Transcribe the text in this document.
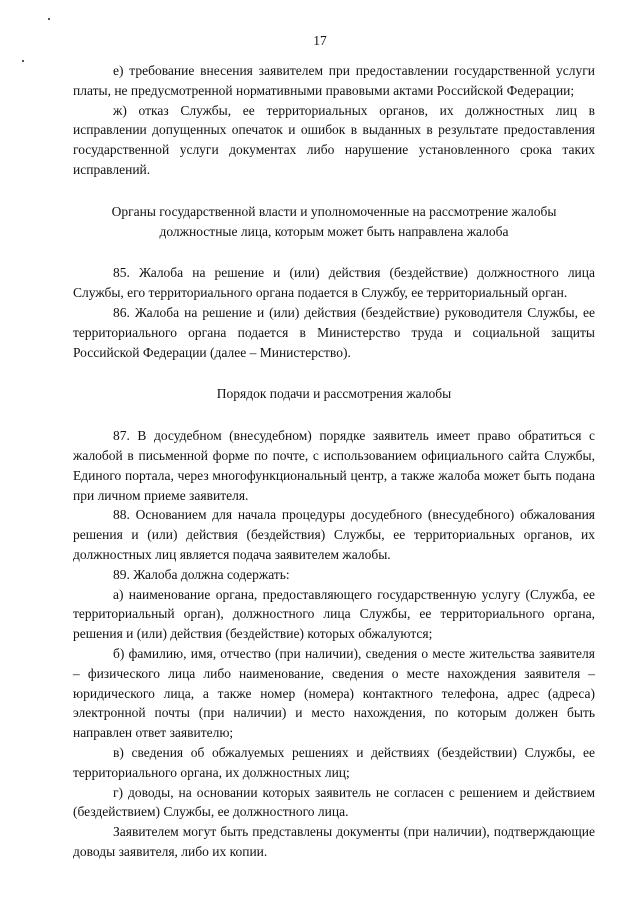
17

е) требование внесения заявителем при предоставлении государственной услуги платы, не предусмотренной нормативными правовыми актами Российской Федерации;

ж) отказ Службы, ее территориальных органов, их должностных лиц в исправлении допущенных опечаток и ошибок в выданных в результате предоставления государственной услуги документах либо нарушение установленного срока таких исправлений.

Органы государственной власти и уполномоченные на рассмотрение жалобы должностные лица, которым может быть направлена жалоба

85. Жалоба на решение и (или) действия (бездействие) должностного лица Службы, его территориального органа подается в Службу, ее территориальный орган.

86. Жалоба на решение и (или) действия (бездействие) руководителя Службы, ее территориального органа подается в Министерство труда и социальной защиты Российской Федерации (далее – Министерство).

Порядок подачи и рассмотрения жалобы

87. В досудебном (внесудебном) порядке заявитель имеет право обратиться с жалобой в письменной форме по почте, с использованием официального сайта Службы, Единого портала, через многофункциональный центр, а также жалоба может быть подана при личном приеме заявителя.

88. Основанием для начала процедуры досудебного (внесудебного) обжалования решения и (или) действия (бездействия) Службы, ее территориальных органов, их должностных лиц является подача заявителем жалобы.

89. Жалоба должна содержать:

а) наименование органа, предоставляющего государственную услугу (Служба, ее территориальный орган), должностного лица Службы, ее территориального органа, решения и (или) действия (бездействие) которых обжалуются;

б) фамилию, имя, отчество (при наличии), сведения о месте жительства заявителя – физического лица либо наименование, сведения о месте нахождения заявителя – юридического лица, а также номер (номера) контактного телефона, адрес (адреса) электронной почты (при наличии) и место нахождения, по которым должен быть направлен ответ заявителю;

в) сведения об обжалуемых решениях и действиях (бездействии) Службы, ее территориального органа, их должностных лиц;

г) доводы, на основании которых заявитель не согласен с решением и действием (бездействием) Службы, ее должностного лица.

Заявителем могут быть представлены документы (при наличии), подтверждающие доводы заявителя, либо их копии.
